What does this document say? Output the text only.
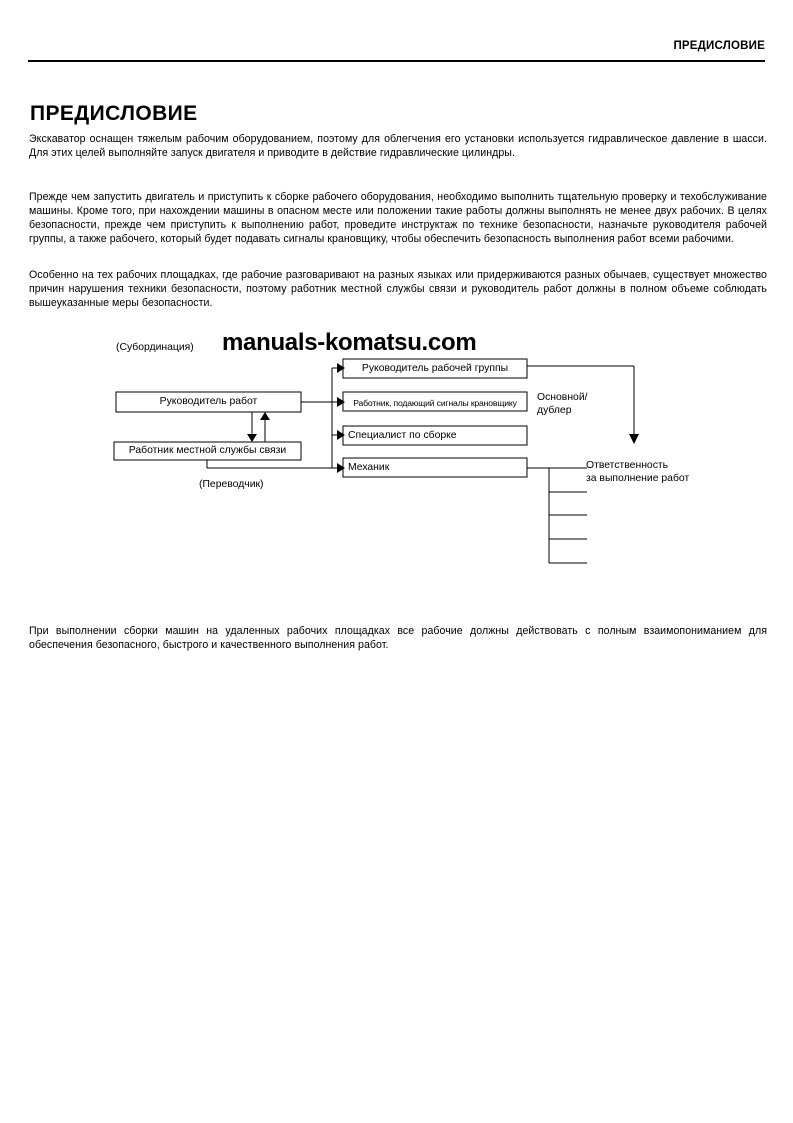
ПРЕДИСЛОВИЕ
ПРЕДИСЛОВИЕ

Экскаватор оснащен тяжелым рабочим оборудованием, поэтому для облегчения его установки используется гидравлическое давление в шасси. Для этих целей выполняйте запуск двигателя и приводите в действие гидравлические цилиндры.

Прежде чем запустить двигатель и приступить к сборке рабочего оборудования, необходимо выполнить тщательную проверку и техобслуживание машины. Кроме того, при нахождении машины в опасном месте или положении такие работы должны выполнять не менее двух рабочих. В целях безопасности, прежде чем приступить к выполнению работ, проведите инструктаж по технике безопасности, назначьте руководителя рабочей группы, а также рабочего, который будет подавать сигналы крановщику, чтобы обеспечить безопасность выполнения работ всеми рабочими.

Особенно на тех рабочих площадках, где рабочие разговаривают на разных языках или придерживаются разных обычаев, существует множество причин нарушения техники безопасности, поэтому работник местной службы связи и руководитель работ должны в полном объеме соблюдать вышеуказанные меры безопасности.

При выполнении сборки машин на удаленных рабочих площадках все рабочие должны действовать с полным взаимопониманием для обеспечения безопасного, быстрого и качественного выполнения работ.

manuals-komatsu.com
(Субординация)
(Переводчик)
Основной/
дублер
Ответственность
за выполнение работ
Руководитель работ
Работник местной службы связи
Руководитель рабочей группы
Работник, подающий сигналы крановщику
Специалист по сборке
Механик
